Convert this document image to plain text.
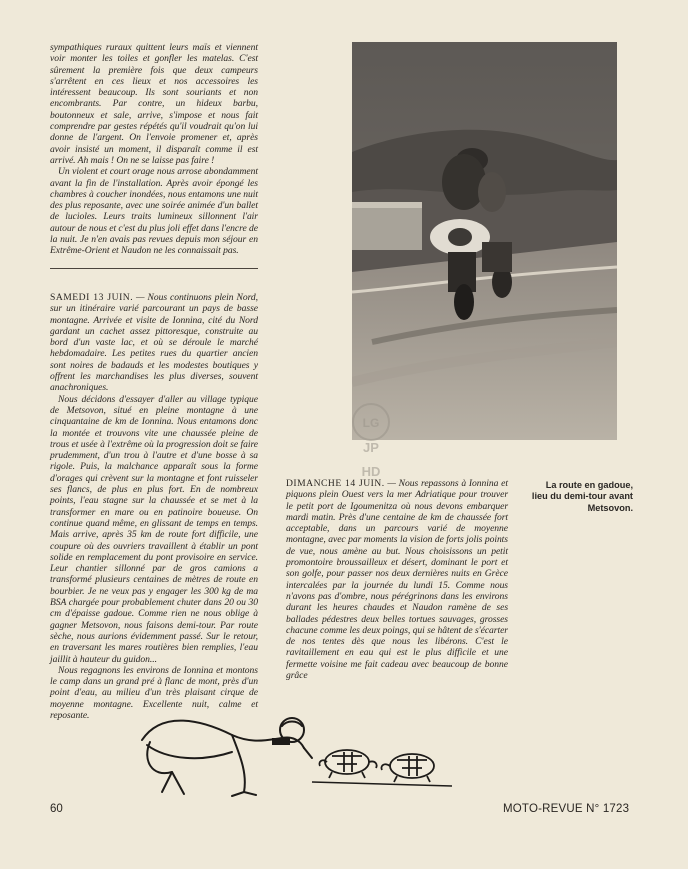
sympathiques ruraux quittent leurs maïs et viennent voir monter les toiles et gonfler les matelas. C'est sûrement la première fois que deux campeurs s'arrêtent en ces lieux et nos accessoires les intéressent beaucoup. Ils sont souriants et non encombrants. Par contre, un hideux barbu, boutonneux et sale, arrive, s'impose et nous fait comprendre par gestes répétés qu'il voudrait qu'on lui donne de l'argent. On l'envoie promener et, après avoir insisté un moment, il disparaît comme il est arrivé. Ah mais ! On ne se laisse pas faire !

Un violent et court orage nous arrose abondamment avant la fin de l'installation. Après avoir épongé les chambres à coucher inondées, nous entamons une nuit des plus reposante, avec une soirée animée d'un ballet de lucioles. Leurs traits lumineux sillonnent l'air autour de nous et c'est du plus joli effet dans l'encre de la nuit. Je n'en avais pas revues depuis mon séjour en Extrême-Orient et Naudon ne les connaissait pas.

SAMEDI 13 JUIN. — Nous continuons plein Nord, sur un itinéraire varié parcourant un pays de basse montagne. Arrivée et visite de Ionnina, cité du Nord gardant un cachet assez pittoresque, construite au bord d'un vaste lac, et où se déroule le marché hebdomadaire. Les petites rues du quartier ancien sont noires de badauds et les modestes boutiques y offrent les marchandises les plus diverses, souvent anachroniques.

Nous décidons d'essayer d'aller au village typique de Metsovon, situé en pleine montagne à une cinquantaine de km de Ionnina. Nous entamons donc la montée et trouvons vite une chaussée pleine de trous et usée à l'extrême où la progression doit se faire prudemment, d'un trou à l'autre et d'une bosse à sa rigole. Puis, la malchance apparaît sous la forme d'orages qui crèvent sur la montagne et font ruisseler ses flancs, de plus en plus fort. En de nombreux points, l'eau stagne sur la chaussée et se met à la transformer en mare ou en patinoire boueuse. On continue quand même, en glissant de temps en temps. Mais arrive, après 35 km de route fort difficile, une coupure où des ouvriers travaillent à établir un pont solide en remplacement du pont provisoire en service. Leur chantier sillonné par de gros camions a transformé plusieurs centaines de mètres de route en bourbier. Je ne veux pas y engager les 300 kg de ma BSA chargée pour probablement chuter dans 20 ou 30 cm d'épaisse gadoue. Comme rien ne nous oblige à gagner Metsovon, nous faisons demi-tour. Par route sèche, nous aurions évidemment passé. Sur le retour, en traversant les mares routières bien remplies, l'eau jaillit à hauteur du guidon...

Nous regagnons les environs de Ionnina et montons le camp dans un grand pré à flanc de mont, près d'un point d'eau, au milieu d'un très plaisant cirque de moyenne montagne. Excellente nuit, calme et reposante.

LG
JP
HD

DIMANCHE 14 JUIN. — Nous repassons à Ionnina et piquons plein Ouest vers la mer Adriatique pour trouver le petit port de Igoumenitza où nous devons embarquer mardi matin. Près d'une centaine de km de chaussée fort acceptable, dans un parcours varié de moyenne montagne, avec par moments la vision de forts jolis points de vue, nous amène au but. Nous choisissons un petit promontoire broussailleux et désert, dominant le port et son golfe, pour passer nos deux dernières nuits en Grèce intercalées par la journée du lundi 15. Comme nous n'avons pas d'ombre, nous pérégrinons dans les environs durant les heures chaudes et Naudon ramène de ses ballades pédestres deux belles tortues sauvages, grosses chacune comme les deux poings, qui se hâtent de s'écarter de nos tentes dès que nous les libérons. C'est le ravitaillement en eau qui est le plus difficile et une fermette voisine me fait cadeau avec beaucoup de bonne grâce

La route en gadoue, lieu du demi-tour avant Metsovon.
60	MOTO-REVUE N° 1723
